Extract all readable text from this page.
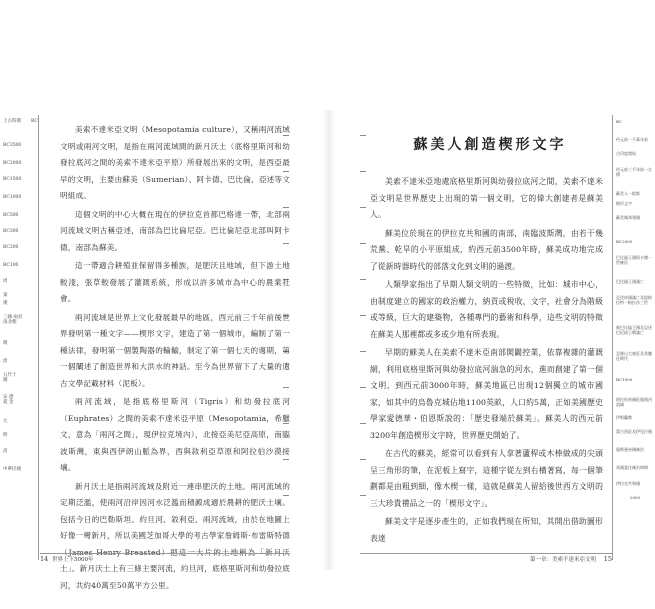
上古時期 BC
BC3500
BC2000
BC1500
BC1000
BC500
BC300
BC200
BC100
周
秦
漢
三國 兩晉 南北朝
隋
唐
五代十國
宋 遼 夏 金
元
明
清
中華民國

美索不達米亞文明（Mesopotamia culture），又稱兩河流域文明或兩河文明，是指在兩河流域間的新月沃土（底格里斯河和幼發拉底河之間的美索不達米亞平原）所發展出來的文明，是西亞最早的文明，主要由蘇美（Sumerian）、阿卡德、巴比倫、亞述等文明組成。

這個文明的中心大概在現在的伊拉克首都巴格達一帶，北部兩河流域文明古稱亞述，南部為巴比倫尼亞。巴比倫尼亞北部叫阿卡德，南部為蘇美。

這一帶適合耕殖並保留得多種族，是肥沃且地域，但下游土地較淺，張草較發展了灌溉系統，形成以許多城市為中心的農業社會。

兩河流域是世界上文化發展最早的地區，西元前三千年前後世界發明第一種文字——楔形文字，建造了第一個城市，編制了第一種法律，發明第一個製陶器的輪輸，制定了第一個七天的週期，第一個闡述了創造世界和大洪水的神話。至今為世界留下了大量的遺古文學記載材料（泥板）。

兩河流域，是指底格里斯河（Tigris）和幼發拉底河（Euphrates）之間的美索不達米亞平原（Mesopotamia，希臘文，意為「兩河之間」，現伊拉克境內），北接亞美尼亞高原，南臨波斯灣，東與西伊朗山脈為界，西與敘利亞草原和阿拉伯沙漠接壤。

新月沃土是指兩河流域及附近一連串肥沃的土地。兩河流域的定期泛濫，使兩河沿岸因河水泛濫而積澱成適於農耕的肥沃土壤。包括今日的巴勒斯坦、約旦河、敘利亞、兩河流域，由於在地圖上好像一彎新月，所以美國芝加哥大學的考古學家詹姆斯·布雷斯特德（James Henry Breasted）把這一大片的土地稱為「新月沃土」。新月沃土上有三條主要河流，約旦河，底格里斯河和幼發拉底河，共約40萬至50萬平方公里。

14 世界上下5000年
蘇美人創造楔形文字

美索不達米亞地處底格里斯河與幼發拉底河之間，美索不達米亞文明是世界歷史上出現的第一個文明，它的偉大創建者是蘇美人。

蘇美位於現在的伊拉克共和國的南部，南臨波斯灣，由若干幾荒蕪、乾旱的小平原組成，約西元前3500年時，蘇美成功地完成了從新時器時代的部落文化到文明的過渡。

人類學家指出了早期人類文明的一些特徵，比如：城市中心，由制度建立的國家的政治權力，納貢或稅收，文字，社會分為階級或等級，巨大的建築物，各種專門的藝術和科學，這些文明的特徵在蘇美人那裡都或多或少地有所表現。

早期的蘇美人在美索不達米亞南部開闢控業，依靠複雜的灌溉網，利用底格里斯河與幼發拉底河湍急的河水，進而創建了第一個文明，到西元前3000年時，蘇美地區已出現12個獨立的城市國家，如其中的烏魯克城佔地1100英畝，人口約5萬，正如美國歷史學家愛德華・伯恩斯說的：「歷史發端於蘇美」。蘇美人的西元前3200年創造楔形文字時，世界歷史開始了。

在古代的蘇美，經常可以看到有人拿著蘆桿或木棒做成的尖頭呈三角形的筆，在泥板上寫字，這種字從左到右橫著寫，每一個筆劃都是由粗到細，像木楔一樣，這就是蘇美人留給後世西方文明的三大珍貴禮品之一的「楔形文字」。

蘇美文字是逐步產生的，正如我們現在所知，其開出借助圖形表達

BC
約元前一千萬年前
古印度開始
約元前三千年前一左傳
蘇美人一般都
楔形文字
蘇美城邦建國
BC2000
巴比倫王國阿卡德一世統治
巴比倫王國滅亡
亞述帝國滅亡及提格拉特一帕拉沙三世
新巴比倫王國及亞述巴尼拔王朝滅亡
亞歷山大東征及希臘化時代
BC1000
阿拉伯帝國征服兩河流域
伊斯蘭教
蒙古西征及伊兒汗國
奧斯曼帝國統治
英國委任統治時期
伊拉克共和國
2000
第一章：美索不達米亞文明 15
